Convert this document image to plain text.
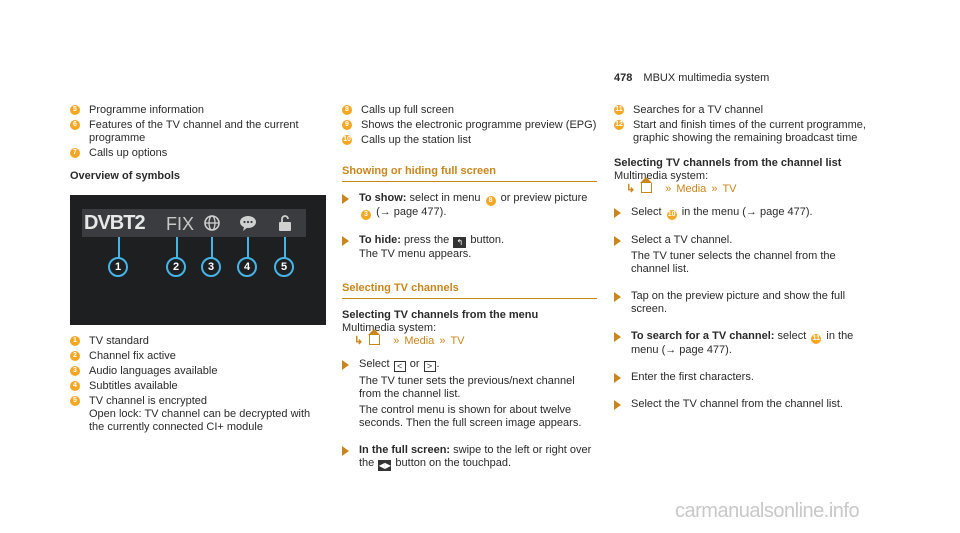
478 MBUX multimedia system
5 Programme information
6 Features of the TV channel and the current programme
7 Calls up options
Overview of symbols
DVBT2 FIX
1	2	3	4	5
1 TV standard
2 Channel fix active
3 Audio languages available
4 Subtitles available
5 TV channel is encrypted
Open lock: TV channel can be decrypted with the currently connected CI+ module
8 Calls up full screen
9 Shows the electronic programme preview (EPG)
10 Calls up the station list
Showing or hiding full screen

To show: select in menu 8 or preview picture 3 (→ page 477).

To hide: press the ↰ button.
The TV menu appears.

Selecting TV channels
Selecting TV channels from the menu
Multimedia system:
↳	» Media » TV

Select < or > .

The TV tuner sets the previous/next channel from the channel list.

The control menu is shown for about twelve seconds. Then the full screen image appears.

In the full screen: swipe to the left or right over the ◀▶ button on the touchpad.

11 Searches for a TV channel
12 Start and finish times of the current programme, graphic showing the remaining broadcast time
Selecting TV channels from the channel list
Multimedia system:
↳	» Media » TV

Select 10 in the menu (→ page 477).

Select a TV channel.

The TV tuner selects the channel from the channel list.

Tap on the preview picture and show the full screen.

To search for a TV channel: select 11 in the menu (→ page 477).

Enter the first characters.

Select the TV channel from the channel list.

carmanualsonline.info
